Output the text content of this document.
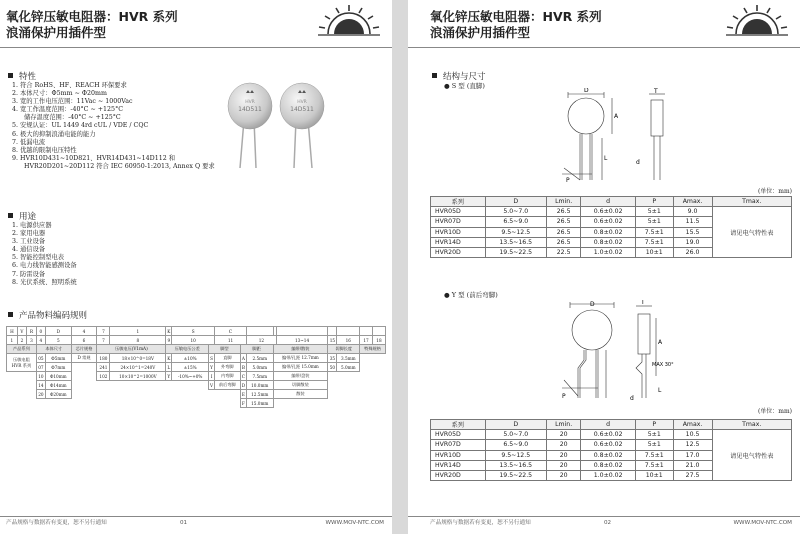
氧化锌压敏电阻器：HVR 系列
浪涌保护用插件型
特性
1. 符合 RoHS、HF、REACH 环保要求
2. 本体尺寸：Φ5mm ~ Φ20mm
3. 宽的工作电压范围：11Vac ~ 1000Vac
4. 宽工作温度范围：-40°C ~ +125°C
储存温度范围：-40°C ~ +125°C
5. 安规认证：UL 1449 4rd cUL / VDE / CQC
6. 极大的抑制浪涌电能的能力
7. 低漏电流
8. 优越的限制电压特性
9. HVR10D431~10D821、HVR14D431~14D112 和
HVR20D201~20D112 符合 IEC 60950-1:2013, Annex Q 要求
HVR
14D511
HVR
14D511
用途
1. 电源供应器
2. 家用电器
3. 工业设备
4. 通信设备
5. 智能控制型电表
6. 电力线智能感测设备
7. 防雷设备
8. 光伏系统、照明系统
产品物料编码规则
H	V	R	0	D	4	7	1	K	S		C								
1	2	3	4	5	6	7	8	9	10		11		12		13~14	15	16	17	18
产品系列			本体尺寸		芯片规格	压敏电压(V1mA)		压敏电压公差		脚型		脚距		编带/散装		切脚长度		特殊规格	
压敏电阻
HVR 系列			05	Φ5mm	D 常规	180	18×10^0=18V	K	±10%	S	直脚	A	2.5mm	编带/孔距 12.7mm		35	3.5mm		
			07	Φ7mm		241	24×10^1=240V	L	±15%	Y	外弯脚	B	5.0mm	编带/孔距 15.0mm		50	5.0mm		
			10	Φ10mm		102	10×10^2=1000V	Y	-10%~+0%	I	内弯脚	C	7.5mm	编带/盘装					
			14	Φ14mm						V	前后弯脚	D	10.0mm	切脚散装					
			20	Φ20mm								E	12.5mm	散装					
												F	15.0mm						
产品规格与数据若有变更，恕不另行通知	01	WWW.MOV-NTC.COM
氧化锌压敏电阻器：HVR 系列
浪涌保护用插件型
结构与尺寸
● S 型 (直脚)
D	T
A
L
P
d
(单位：mm)
系列	D	Lmin.	d	P	Amax.	Tmax.
HVR05D	5.0~7.0	26.5	0.6±0.02	5±1	9.0	请见电气特性表
HVR07D	6.5~9.0	26.5	0.6±0.02	5±1	11.5	
HVR10D	9.5~12.5	26.5	0.8±0.02	7.5±1	15.5	
HVR14D	13.5~16.5	26.5	0.8±0.02	7.5±1	19.0	
HVR20D	19.5~22.5	22.5	1.0±0.02	10±1	26.0	
● Y 型 (前后弯脚)
D	T
A
L
P	d
MAX 30°
(单位：mm)
系列	D	Lmin.	d	P	Amax.	Tmax.
HVR05D	5.0~7.0	20	0.6±0.02	5±1	10.5	请见电气特性表
HVR07D	6.5~9.0	20	0.6±0.02	5±1	12.5	
HVR10D	9.5~12.5	20	0.8±0.02	7.5±1	17.0	
HVR14D	13.5~16.5	20	0.8±0.02	7.5±1	21.0	
HVR20D	19.5~22.5	20	1.0±0.02	10±1	27.5	
产品规格与数据若有变更，恕不另行通知	02	WWW.MOV-NTC.COM
